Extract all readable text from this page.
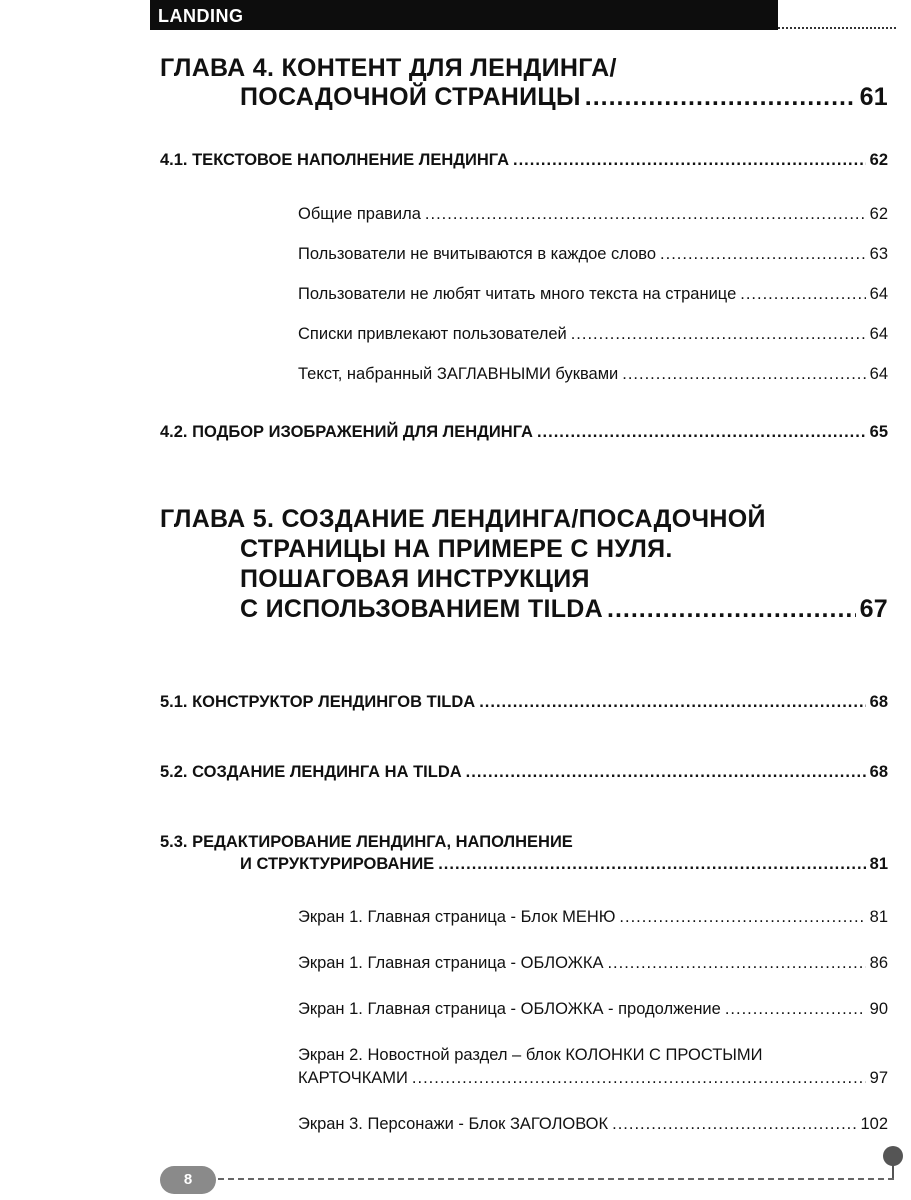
LANDING
ГЛАВА 4. КОНТЕНТ ДЛЯ ЛЕНДИНГА/
ПОСАДОЧНОЙ СТРАНИЦЫ .....	61
4.1. ТЕКСТОВОЕ НАПОЛНЕНИЕ ЛЕНДИНГА .....	62
Общие правила .....	62
Пользователи не вчитываются в каждое слово .....	63
Пользователи не любят читать много текста на странице .....	64
Списки привлекают пользователей .....	64
Текст, набранный ЗАГЛАВНЫМИ буквами .....	64
4.2. ПОДБОР ИЗОБРАЖЕНИЙ ДЛЯ ЛЕНДИНГА .....	65
ГЛАВА 5. СОЗДАНИЕ ЛЕНДИНГА/ПОСАДОЧНОЙ
СТРАНИЦЫ НА ПРИМЕРЕ С НУЛЯ.
ПОШАГОВАЯ ИНСТРУКЦИЯ
С ИСПОЛЬЗОВАНИЕМ TILDA .....	67
5.1. КОНСТРУКТОР ЛЕНДИНГОВ TILDA .....	68
5.2. СОЗДАНИЕ ЛЕНДИНГА НА TILDA .....	68
5.3. РЕДАКТИРОВАНИЕ ЛЕНДИНГА, НАПОЛНЕНИЕ
И СТРУКТУРИРОВАНИЕ .....	81
Экран 1. Главная страница - Блок МЕНЮ .....	81
Экран 1. Главная страница - ОБЛОЖКА .....	86
Экран 1. Главная страница - ОБЛОЖКА - продолжение .....	90
Экран 2. Новостной раздел – блок КОЛОНКИ С ПРОСТЫМИ
КАРТОЧКАМИ .....	97
Экран 3. Персонажи - Блок ЗАГОЛОВОК .....	102
8
